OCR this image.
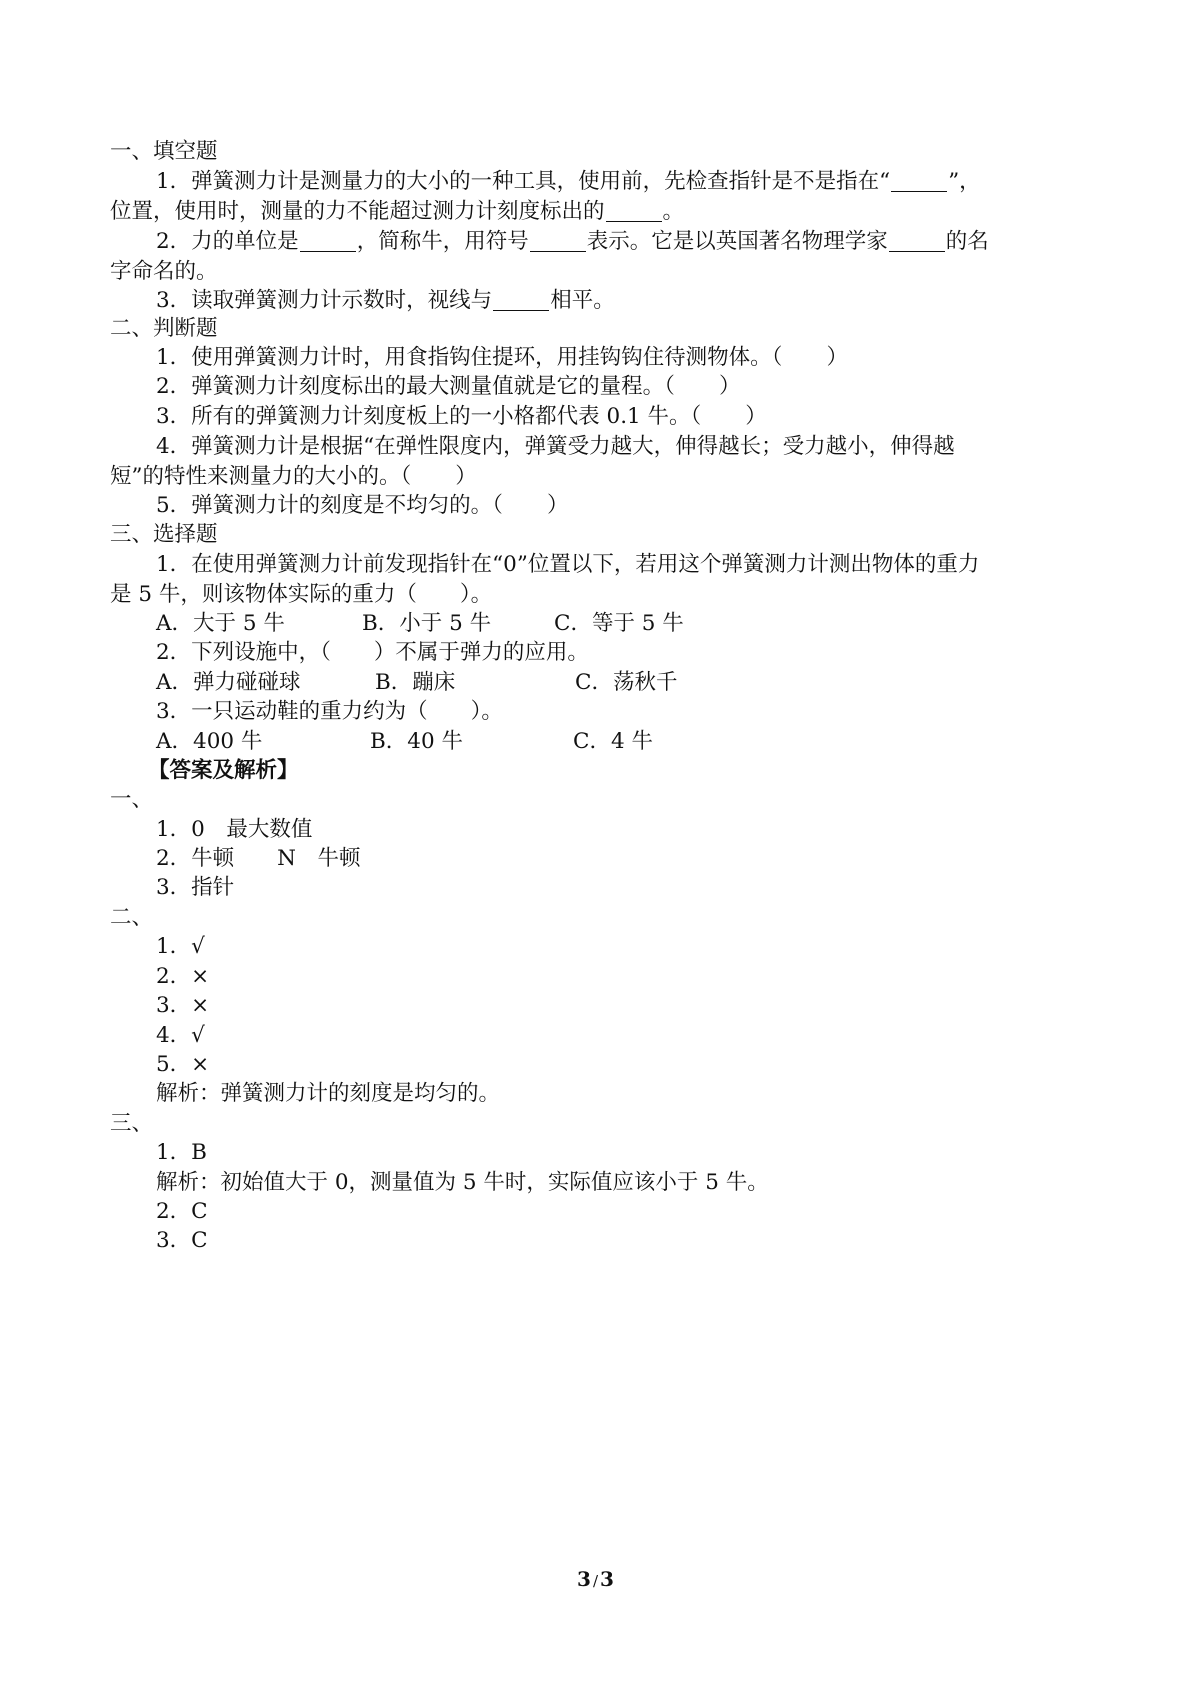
一、填空题
1．弹簧测力计是测量力的大小的一种工具，使用前，先检查指针是不是指在“	”，
位置，使用时，测量的力不能超过测力计刻度标出的	。
2．力的单位是	，简称牛，用符号	表示。它是以英国著名物理学家	的名
字命名的。
3．读取弹簧测力计示数时，视线与	相平。
二、判断题
1．使用弹簧测力计时，用食指钩住提环，用挂钩钩住待测物体。（ ）
2．弹簧测力计刻度标出的最大测量值就是它的量程。（ ）
3．所有的弹簧测力计刻度板上的一小格都代表 0.1 牛。（ ）
4．弹簧测力计是根据“在弹性限度内，弹簧受力越大，伸得越长；受力越小，伸得越
短”的特性来测量力的大小的。（ ）
5．弹簧测力计的刻度是不均匀的。（ ）
三、选择题
1．在使用弹簧测力计前发现指针在“0”位置以下，若用这个弹簧测力计测出物体的重力
是 5 牛，则该物体实际的重力（　　）。
A．大于 5 牛	B．小于 5 牛	C．等于 5 牛
2．下列设施中，（　　）不属于弹力的应用。
A．弹力碰碰球	B．蹦床	C．荡秋千
3．一只运动鞋的重力约为（　　）。
A．400 牛	B．40 牛	C．4 牛
【答案及解析】
一、
1．0　最大数值
2．牛顿　　N　牛顿
3．指针
二、
1．√
2．×
3．×
4．√
5．×
解析：弹簧测力计的刻度是均匀的。
三、
1．B
解析：初始值大于 0，测量值为 5 牛时，实际值应该小于 5 牛。
2．C
3．C
3 / 3
